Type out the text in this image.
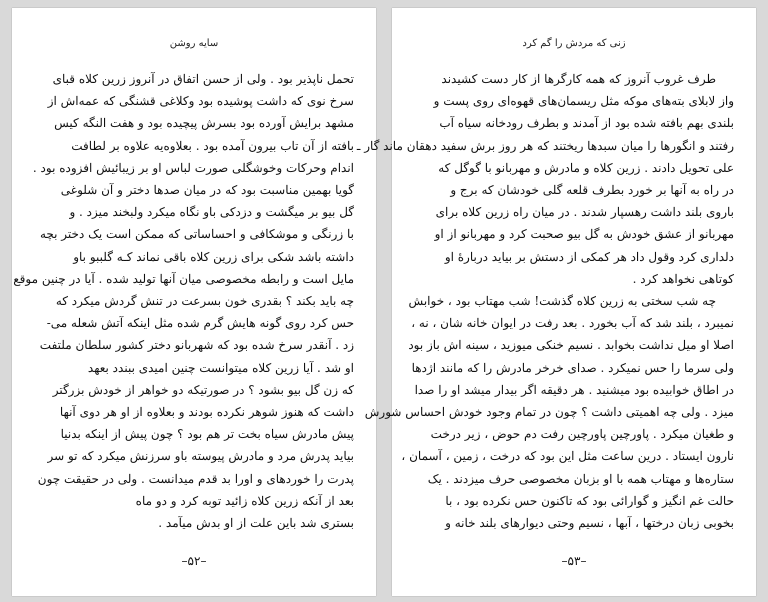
سایه روشن
تحمل ناپذیر بود . ولی از حسن اتفاق در آنروز زرین کلاه قبای
سرخ نوی که داشت پوشیده بود وکلاغی قشنگی که عمه‌اش از
مشهد برایش آورده بود بسرش پیچیده بود و هفت النگه کیس
بافته از آن تاب بیرون آمده بود . بعلاوه‌یه علاوه بر لطافت
اندام وحرکات وخوشگلی صورت لباس او بر زیبائیش افزوده بود .
گویا بهمین مناسبت بود که در میان صدها دختر و آن شلوغی
گل بیو بر میگشت و دزدکی باو نگاه میکرد ولبخند میزد . و
با زرنگی و موشکافی و احساساتی که ممکن است یک دختر بچه
داشته باشد شکی برای زرین کلاه باقی نماند کـه گلببو باو
مایل است و رابطه مخصوصی میان آنها تولید شده . آیا در چنین موقع
چه باید بکند ؟ بقدری خون بسرعت در تنش گردش میکرد که
حس کرد روی گونه هایش گرم شده مثل اینکه آتش شعله می-
زد . آنقدر سرخ شده بود که شهربانو دختر کشور سلطان ملتفت
او شد . آیا زرین کلاه میتوانست چنین امیدی ببندد بعهد
که زن گل بیو بشود ؟ در صورتیکه دو خواهر از خودش بزرگتر
داشت که هنوز شوهر نکرده بودند و بعلاوه از او هر دوی آنها
پیش مادرش سیاه بخت تر هم بود ؟ چون پیش از اینکه بدنیا
بیاید پدرش مرد و مادرش پیوسته باو سرزنش میکرد که تو سر
پدرت را خوردهای و اورا بد قدم میدانست . ولی در حقیقت چون
بعد از آنکه زرین کلاه زائید توبه کرد و دو ماه
بستری شد باین علت از او بدش میآمد .
–۵۲–
زنی که مردش را گم کرد
طرف غروب آنروز که همه کارگرها از کار دست کشیدند
واز لابلای بته‌های موکه مثل ریسمان‌های قهوه‌ای روی پست و
بلندی بهم بافته شده بود از آمدند و بطرف رودخانه سیاه آب
رفتند و انگورها را میان سبدها ریختند که هر روز برش سفید دهقان ماند گار ـ
علی تحویل دادند . زرین کلاه و مادرش و مهربانو با گوگل که
در راه به آنها بر خورد بطرف قلعه گلی خودشان که برج و
باروی بلند داشت رهسپار شدند . در میان راه زرین کلاه برای
مهربانو از عشق خودش به گل بیو صحبت کرد و مهربانو از او
دلداری کرد وقول داد هر کمکی از دستش بر بیاید دربارهٔ او
کوتاهی نخواهد کرد .
چه شب سختی به زرین کلاه گذشت! شب مهتاب بود ، خوابش
نمیبرد ، بلند شد که آب بخورد . بعد رفت در ایوان خانه شان ، نه ،
اصلا او میل نداشت بخوابد . نسیم خنکی میوزید ، سینه اش باز بود
ولی سرما را حس نمیکرد . صدای خرخر مادرش را که مانند اژدها
در اطاق خوابیده بود میشنید . هر دقیقه اگر بیدار میشد او را صدا
میزد . ولی چه اهمیتی داشت ؟ چون در تمام وجود خودش احساس شورش
و طغیان میکرد . پاورچین پاورچین رفت دم حوض ، زیر درخت
نارون ایستاد . درین ساعت مثل این بود که درخت ، زمین ، آسمان ،
ستاره‌ها و مهتاب همه با او بزبان مخصوصی حرف میزدند . یک
حالت غم انگیز و گوارائی بود که تاکنون حس نکرده بود ، با
بخوبی زبان درختها ، آبها ، نسیم وحتی دیوارهای بلند خانه و
–۵۳–
